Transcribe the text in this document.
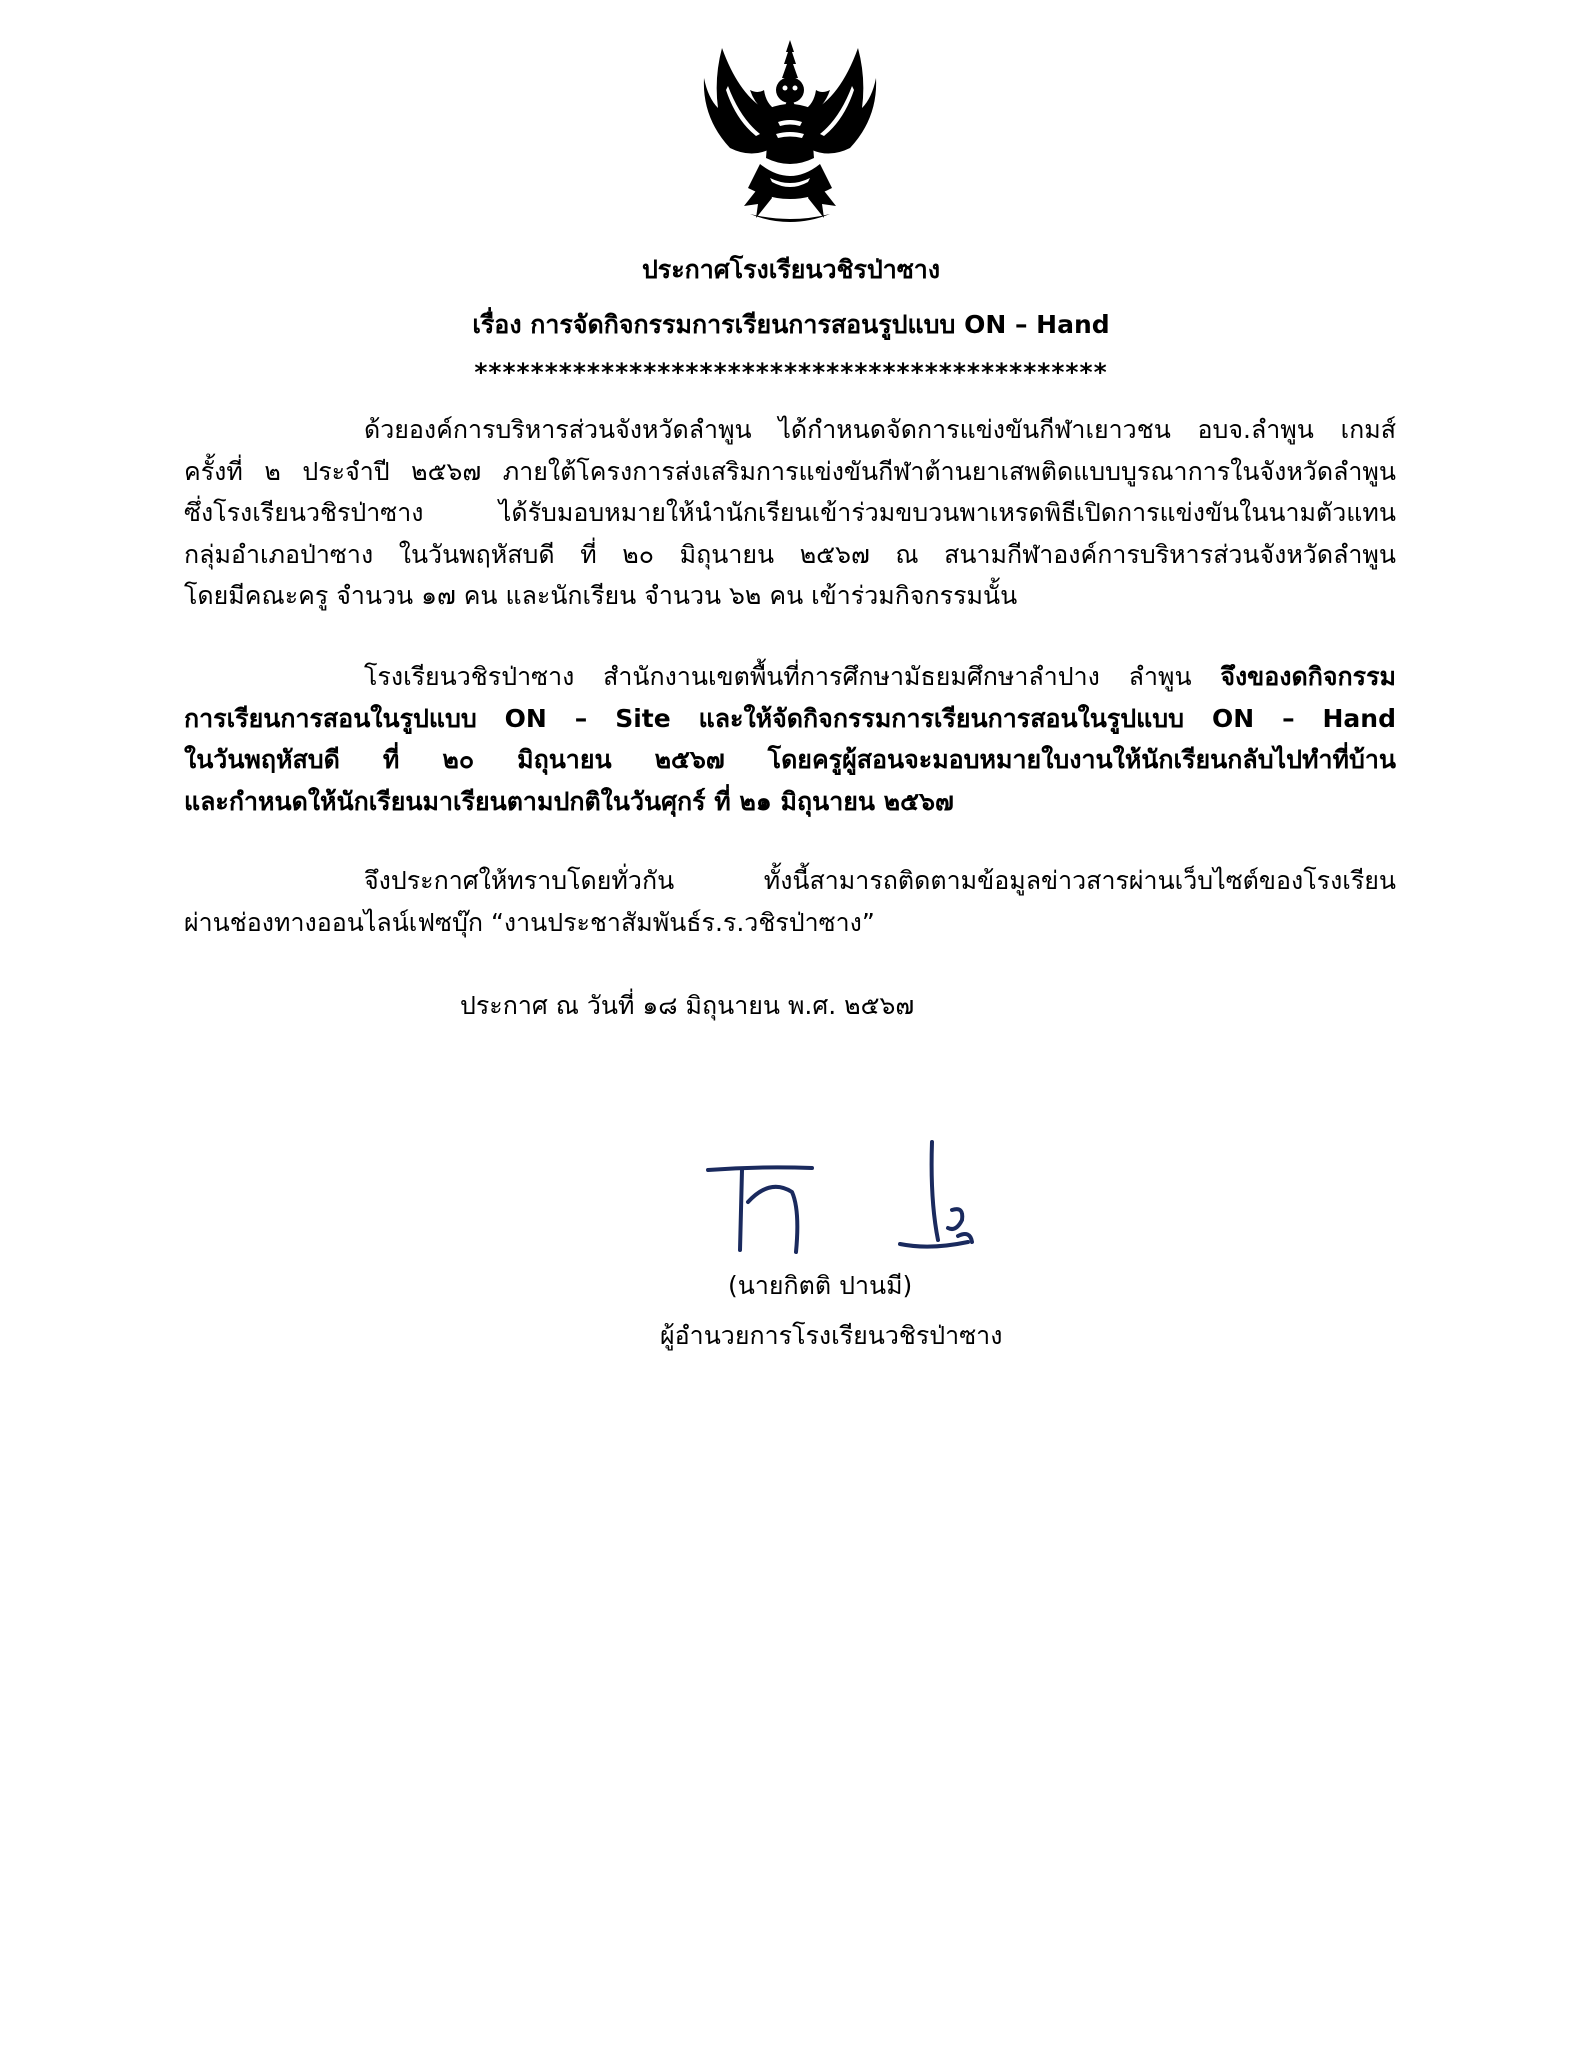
ประกาศโรงเรียนวชิรป่าซาง
เรื่อง การจัดกิจกรรมการเรียนการสอนรูปแบบ ON – Hand
*********************************************
ด้วยองค์การบริหารส่วนจังหวัดลำพูน ได้กำหนดจัดการแข่งขันกีฬาเยาวชน อบจ.ลำพูน เกมส์
ครั้งที่ ๒ ประจำปี ๒๕๖๗ ภายใต้โครงการส่งเสริมการแข่งขันกีฬาต้านยาเสพติดแบบบูรณาการในจังหวัดลำพูน
ซึ่งโรงเรียนวชิรป่าซาง ได้รับมอบหมายให้นำนักเรียนเข้าร่วมขบวนพาเหรดพิธีเปิดการแข่งขันในนามตัวแทน
กลุ่มอำเภอป่าซาง ในวันพฤหัสบดี ที่ ๒๐ มิถุนายน ๒๕๖๗ ณ สนามกีฬาองค์การบริหารส่วนจังหวัดลำพูน
โดยมีคณะครู จำนวน ๑๗ คน และนักเรียน จำนวน ๖๒ คน เข้าร่วมกิจกรรมนั้น
โรงเรียนวชิรป่าซาง สำนักงานเขตพื้นที่การศึกษามัธยมศึกษาลำปาง ลำพูน จึงของดกิจกรรม
การเรียนการสอนในรูปแบบ ON – Site และให้จัดกิจกรรมการเรียนการสอนในรูปแบบ ON – Hand
ในวันพฤหัสบดี ที่ ๒๐ มิถุนายน ๒๕๖๗ โดยครูผู้สอนจะมอบหมายใบงานให้นักเรียนกลับไปทำที่บ้าน
และกำหนดให้นักเรียนมาเรียนตามปกติในวันศุกร์ ที่ ๒๑ มิถุนายน ๒๕๖๗
จึงประกาศให้ทราบโดยทั่วกัน ทั้งนี้สามารถติดตามข้อมูลข่าวสารผ่านเว็บไซต์ของโรงเรียน
ผ่านช่องทางออนไลน์เฟซบุ๊ก “งานประชาสัมพันธ์ร.ร.วชิรป่าซาง”
ประกาศ ณ วันที่ ๑๘ มิถุนายน พ.ศ. ๒๕๖๗
(นายกิตติ ปานมี)
ผู้อำนวยการโรงเรียนวชิรป่าซาง
